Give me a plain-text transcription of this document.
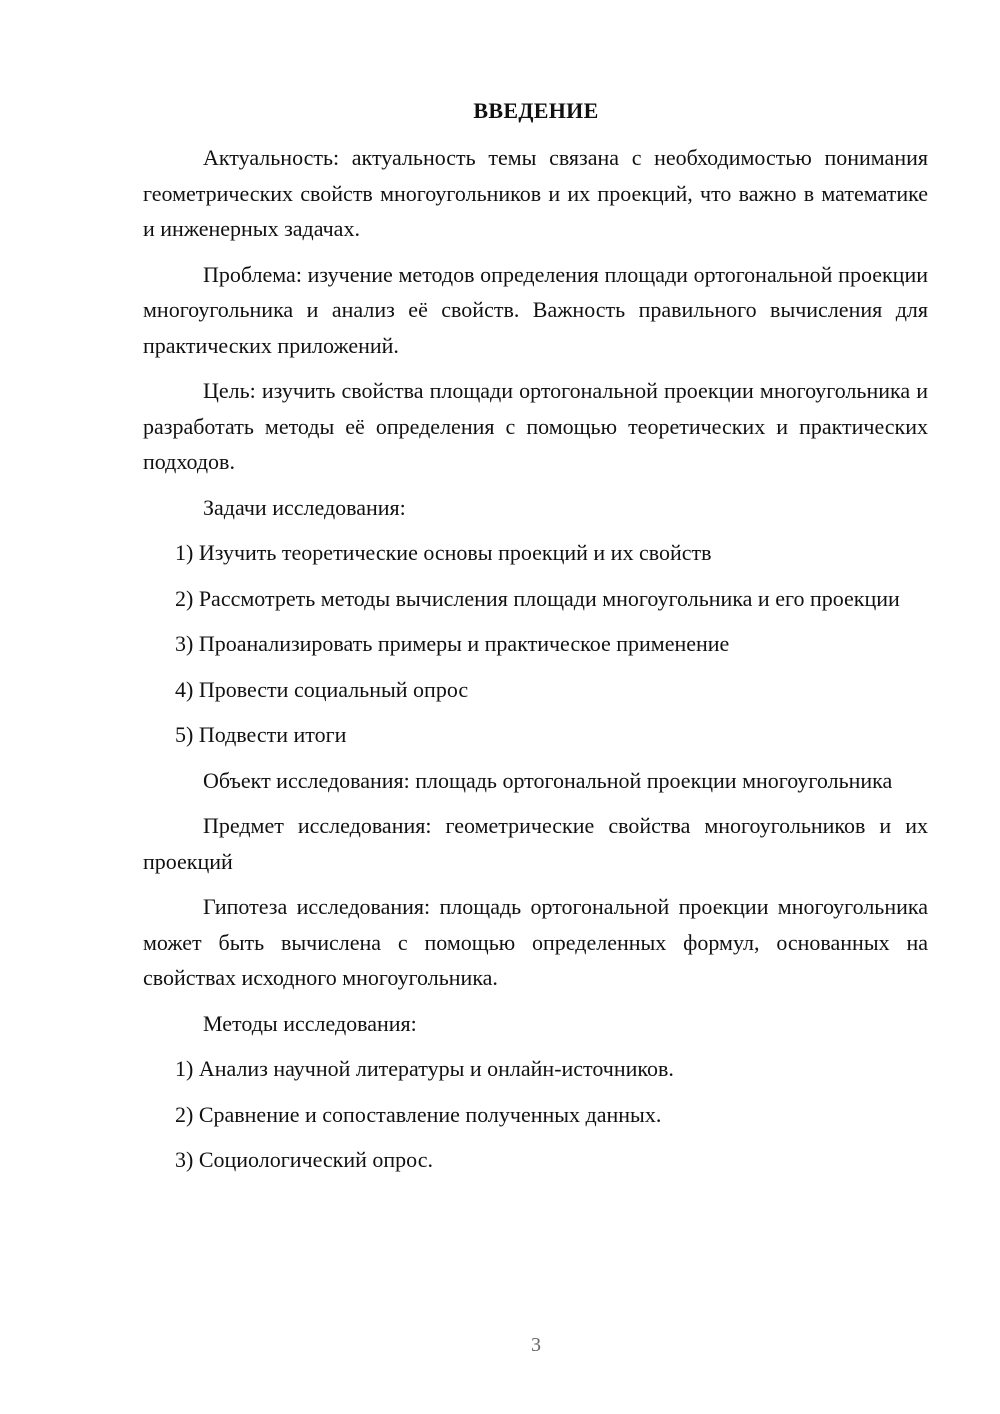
ВВЕДЕНИЕ

Актуальность: актуальность темы связана с необходимостью понимания геометрических свойств многоугольников и их проекций, что важно в математике и инженерных задачах.

Проблема: изучение методов определения площади ортогональной проекции многоугольника и анализ её свойств. Важность правильного вычисления для практических приложений.

Цель: изучить свойства площади ортогональной проекции многоугольника и разработать методы её определения с помощью теоретических и практических подходов.

Задачи исследования:

1) Изучить теоретические основы проекций и их свойств

2) Рассмотреть методы вычисления площади многоугольника и его проекции

3) Проанализировать примеры и практическое применение

4) Провести социальный опрос

5) Подвести итоги

Объект исследования: площадь ортогональной проекции многоугольника

Предмет исследования: геометрические свойства многоугольников и их проекций

Гипотеза исследования: площадь ортогональной проекции многоугольника может быть вычислена с помощью определенных формул, основанных на свойствах исходного многоугольника.

Методы исследования:

1) Анализ научной литературы и онлайн-источников.

2) Сравнение и сопоставление полученных данных.

3) Социологический опрос.

3
